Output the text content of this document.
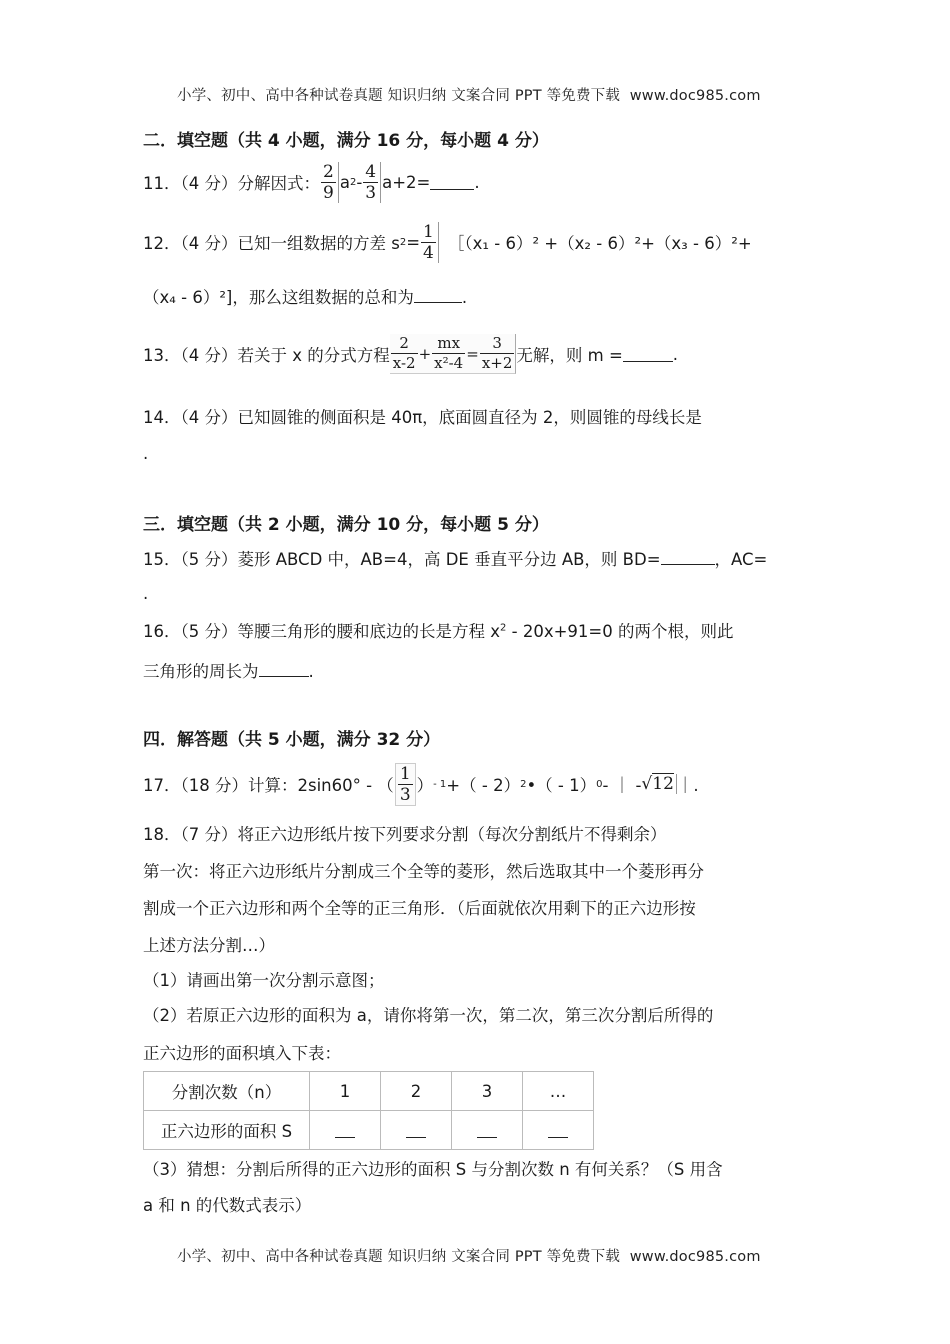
小学、初中、高中各种试卷真题 知识归纳 文案合同 PPT 等免费下载 www.doc985.com
二．填空题（共 4 小题，满分 16 分，每小题 4 分）
11．（4 分）分解因式： $\frac{2}{9}$ a $2 - \frac{4}{3} a+2=$	.
12．（4 分）已知一组数据的方差 s $2 = \frac{1}{4}$ ［（x₁ - 6）² +（x₂ - 6）²+（x₃ - 6）²+
（x₄ - 6）²]，那么这组数据的总和为	.
13．（4 分）若关于 x 的分式方程 $\frac{2}{x-2} + \frac{mx}{\text{x²-4}} = \frac{3}{x+2}$ 无解，则 m =	.
14．（4 分）已知圆锥的侧面积是 40π，底面圆直径为 2，则圆锥的母线长是
.
三．填空题（共 2 小题，满分 10 分，每小题 5 分）
15．（5 分）菱形 ABCD 中，AB=4，高 DE 垂直平分边 AB，则 BD=	，AC=
.
16．（5 分）等腰三角形的腰和底边的长是方程 $x^2 - 20x+91=0$ 的两个根，则此
三角形的周长为	.
四．解答题（共 5 小题，满分 32 分）
17．（18 分）计算：2sin60° - （ $\frac{1}{3}$ ） - 1 +（ - 2） 2 •（ - 1） 0 - ｜ - √12 ｜.
18．（7 分）将正六边形纸片按下列要求分割（每次分割纸片不得剩余）
第一次：将正六边形纸片分割成三个全等的菱形，然后选取其中一个菱形再分
割成一个正六边形和两个全等的正三角形．（后面就依次用剩下的正六边形按
上述方法分割…）
（1）请画出第一次分割示意图；
（2）若原正六边形的面积为 a，请你将第一次，第二次，第三次分割后所得的
正六边形的面积填入下表：
分割次数（n）	1	2	3	…
正六边形的面积 S				
（3）猜想：分割后所得的正六边形的面积 S 与分割次数 n 有何关系？（S 用含
a 和 n 的代数式表示）
小学、初中、高中各种试卷真题 知识归纳 文案合同 PPT 等免费下载 www.doc985.com
